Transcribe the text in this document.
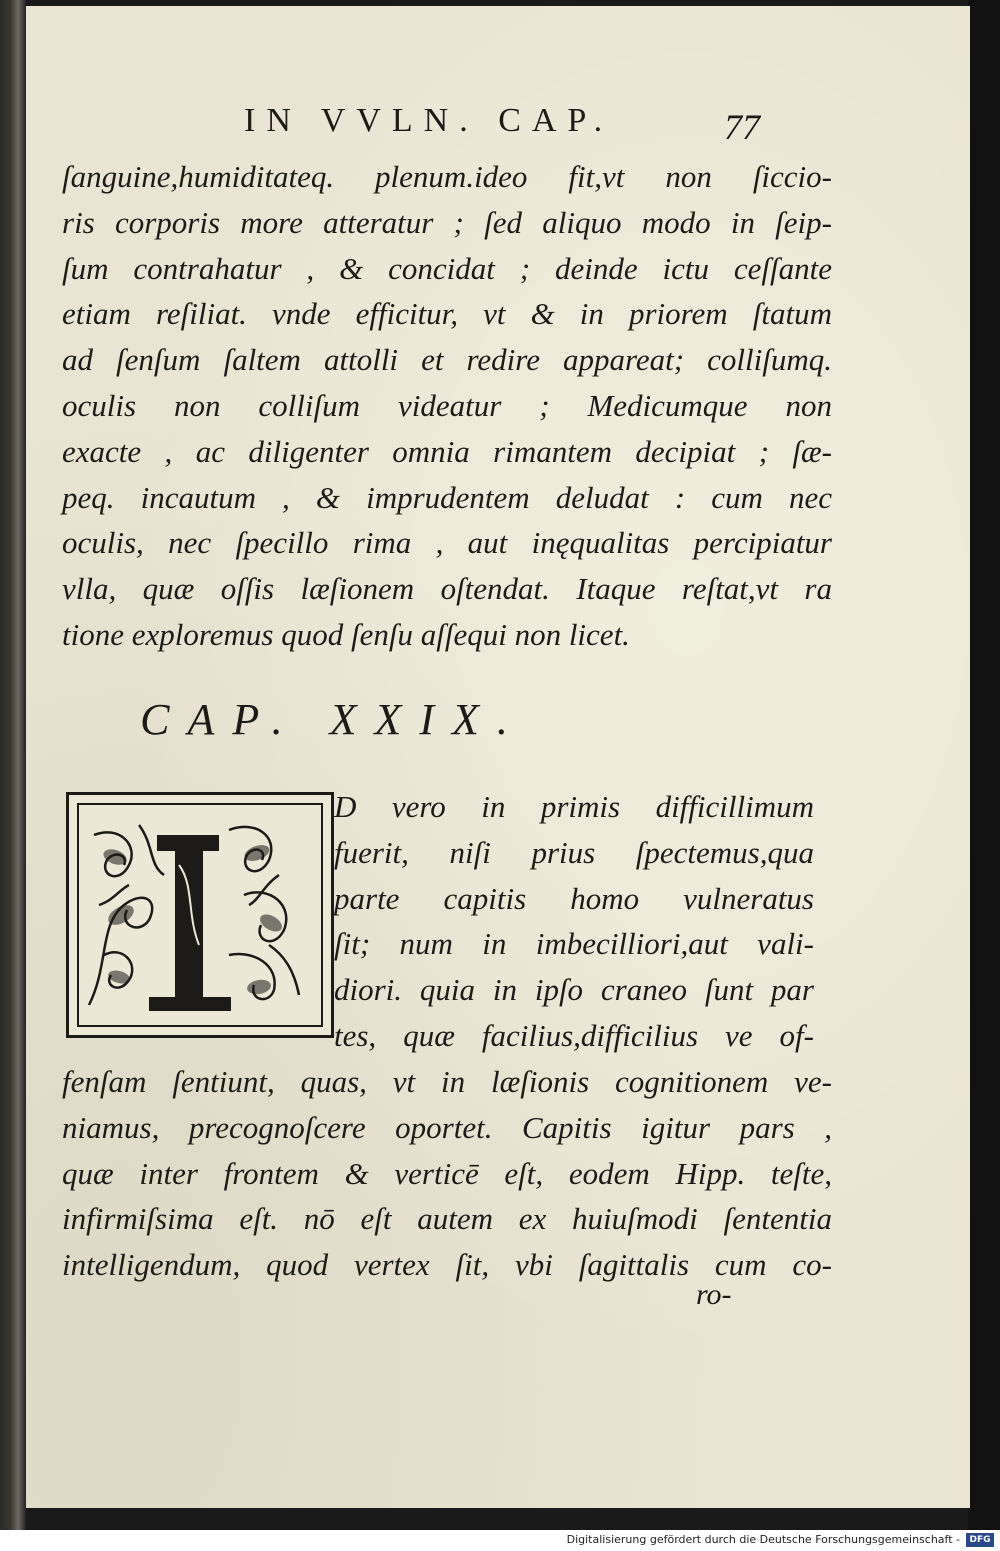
IN VVLN. CAP.	77
ſanguine,humiditateq. plenum.ideo fit,vt non ſiccio-
ris corporis more atteratur ; ſed aliquo modo in ſeip-
ſum contrahatur , & concidat ; deinde ictu ceſſante
etiam reſiliat. vnde efficitur, vt & in priorem ſtatum
ad ſenſum ſaltem attolli et redire appareat; colliſumq.
oculis non colliſum videatur ; Medicumque non
exacte , ac diligenter omnia rimantem decipiat ; ſæ-
peq. incautum , & imprudentem deludat : cum nec
oculis, nec ſpecillo rima , aut inęqualitas percipiatur
vlla, quæ oſſis læſionem oſtendat. Itaque reſtat,vt ra
tione exploremus quod ſenſu aſſequi non licet.
CAP. XXIX.
D vero in primis difficillimum
fuerit, niſi prius ſpectemus,qua
parte capitis homo vulneratus
ſit; num in imbecilliori,aut vali-
diori. quia in ipſo craneo ſunt par
tes, quæ facilius,difficilius ve of-
fenſam ſentiunt, quas, vt in læſionis cognitionem ve-
niamus, precognoſcere oportet. Capitis igitur pars ,
quæ inter frontem & verticē eſt, eodem Hipp. teſte,
infirmiſsima eſt. nō eſt autem ex huiuſmodi ſententia
intelligendum, quod vertex ſit, vbi ſagittalis cum co-
ro-
Digitalisierung gefördert durch die Deutsche Forschungsgemeinschaft -	DFG
